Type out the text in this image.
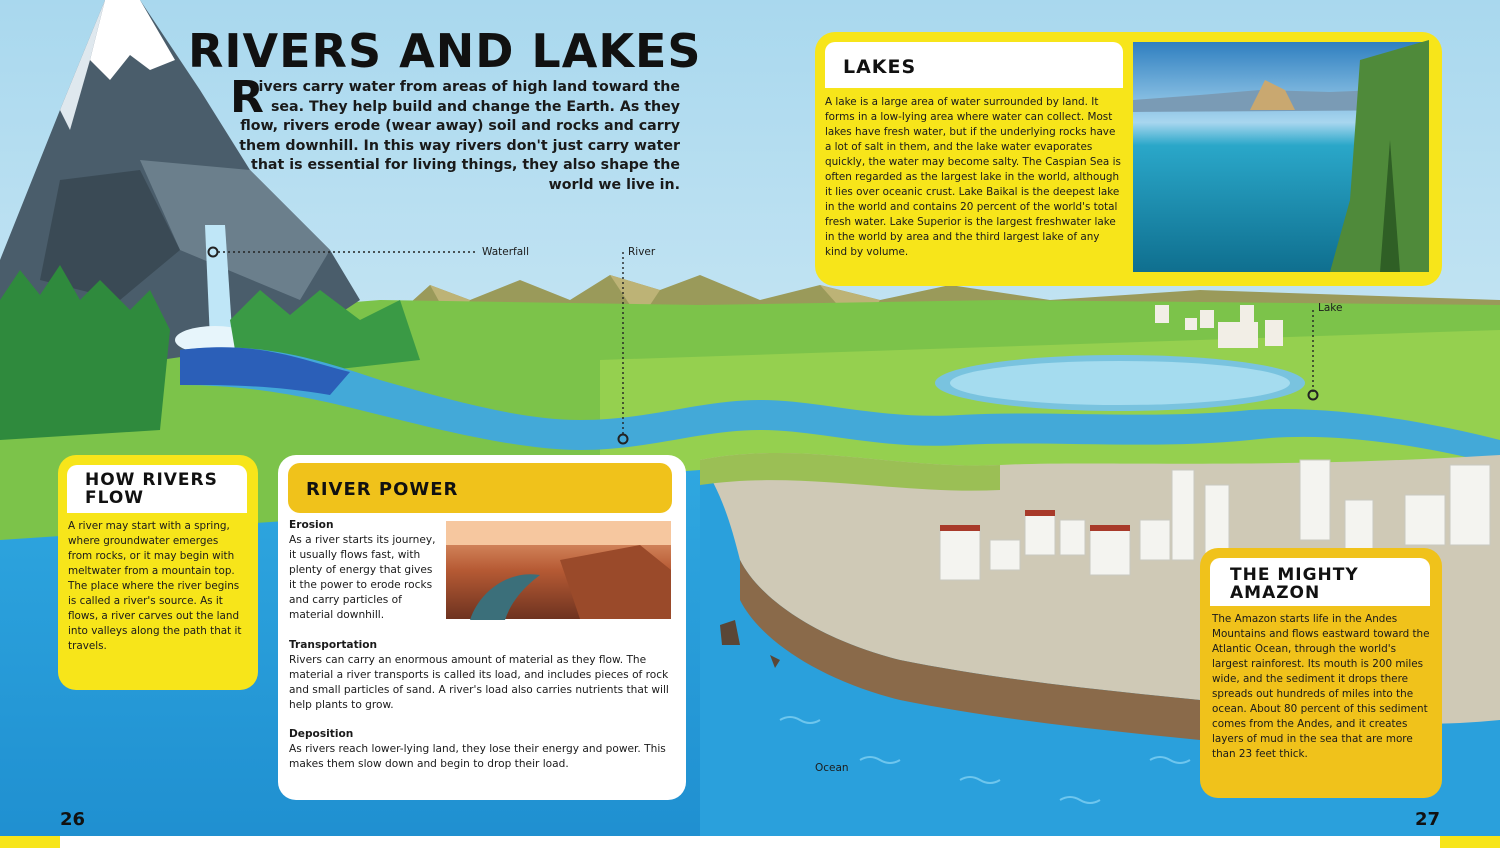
RIVERS AND LAKES
R
ivers carry water from areas of high land toward the sea. They help build and change the Earth. As they flow, rivers erode (wear away) soil and rocks and carry them downhill. In this way rivers don't just carry water that is essential for living things, they also shape the world we live in.
Waterfall	River
Lake
Ocean
LAKES
A lake is a large area of water surrounded by land. It forms in a low-lying area where water can collect. Most lakes have fresh water, but if the underlying rocks have a lot of salt in them, and the lake water evaporates quickly, the water may become salty. The Caspian Sea is often regarded as the largest lake in the world, although it lies over oceanic crust. Lake Baikal is the deepest lake in the world and contains 20 percent of the world's total fresh water. Lake Superior is the largest freshwater lake in the world by area and the third largest lake of any kind by volume.
HOW RIVERS FLOW
A river may start with a spring, where groundwater emerges from rocks, or it may begin with meltwater from a mountain top. The place where the river begins is called a river's source. As it flows, a river carves out the land into valleys along the path that it travels.
RIVER POWER
Erosion
As a river starts its journey, it usually flows fast, with plenty of energy that gives it the power to erode rocks and carry particles of material downhill.
Transportation
Rivers can carry an enormous amount of material as they flow. The material a river transports is called its load, and includes pieces of rock and small particles of sand. A river's load also carries nutrients that will help plants to grow.
Deposition
As rivers reach lower-lying land, they lose their energy and power. This makes them slow down and begin to drop their load.
THE MIGHTY AMAZON
The Amazon starts life in the Andes Mountains and flows eastward toward the Atlantic Ocean, through the world's largest rainforest. Its mouth is 200 miles wide, and the sediment it drops there spreads out hundreds of miles into the ocean. About 80 percent of this sediment comes from the Andes, and it creates layers of mud in the sea that are more than 23 feet thick.
26	27
